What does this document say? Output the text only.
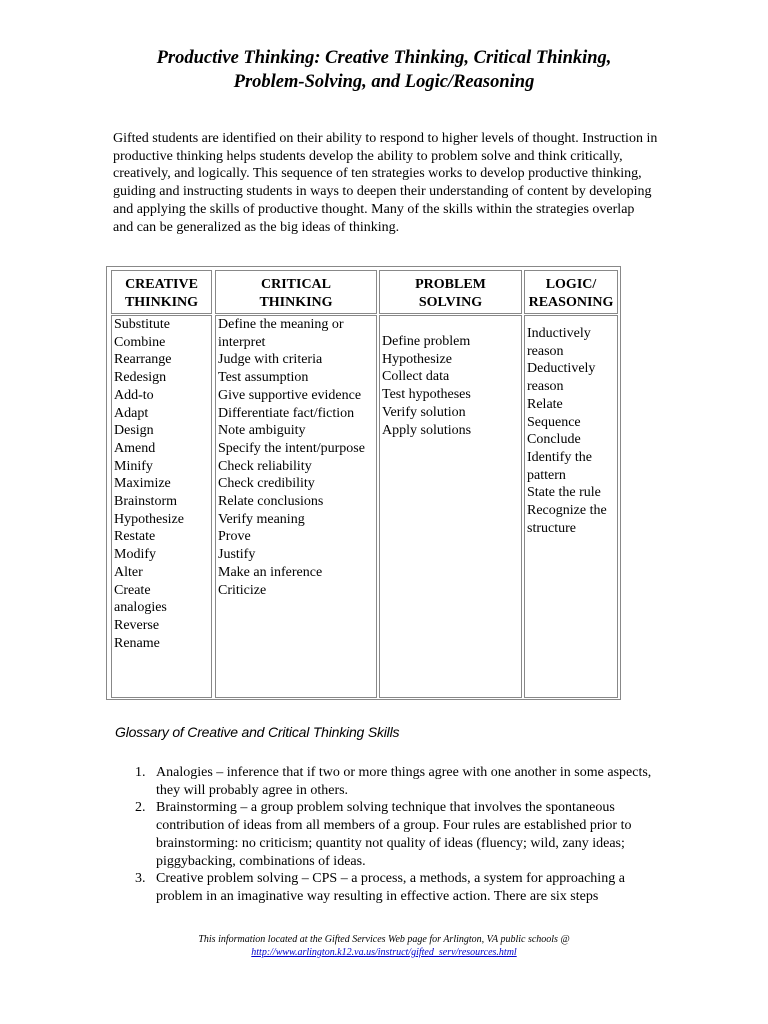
Productive Thinking: Creative Thinking, Critical Thinking,
Problem-Solving, and Logic/Reasoning

Gifted students are identified on their ability to respond to higher levels of thought. Instruction in productive thinking helps students develop the ability to problem solve and think critically, creatively, and logically. This sequence of ten strategies works to develop productive thinking, guiding and instructing students in ways to deepen their understanding of content by developing and applying the skills of productive thought. Many of the skills within the strategies overlap and can be generalized as the big ideas of thinking.

CREATIVE
THINKING
CRITICAL
THINKING
PROBLEM
SOLVING
LOGIC/
REASONING
Substitute
Combine
Rearrange
Redesign
Add-to
Adapt
Design
Amend
Minify
Maximize
Brainstorm
Hypothesize
Restate
Modify
Alter
Create
analogies
Reverse
Rename
Define the meaning or interpret
Judge with criteria
Test assumption
Give supportive evidence
Differentiate fact/fiction
Note ambiguity
Specify the intent/purpose
Check reliability
Check credibility
Relate conclusions
Verify meaning
Prove
Justify
Make an inference
Criticize
Define problem
Hypothesize
Collect data
Test hypotheses
Verify solution
Apply solutions
Inductively reason
Deductively reason
Relate
Sequence
Conclude
Identify the pattern
State the rule
Recognize the structure
Glossary of Creative and Critical Thinking Skills
1. Analogies – inference that if two or more things agree with one another in some aspects, they will probably agree in others.
2. Brainstorming – a group problem solving technique that involves the spontaneous contribution of ideas from all members of a group. Four rules are established prior to brainstorming: no criticism; quantity not quality of ideas (fluency; wild, zany ideas; piggybacking, combinations of ideas.
3. Creative problem solving – CPS – a process, a methods, a system for approaching a problem in an imaginative way resulting in effective action. There are six steps
This information located at the Gifted Services Web page for Arlington, VA public schools @
http://www.arlington.k12.va.us/instruct/gifted_serv/resources.html
